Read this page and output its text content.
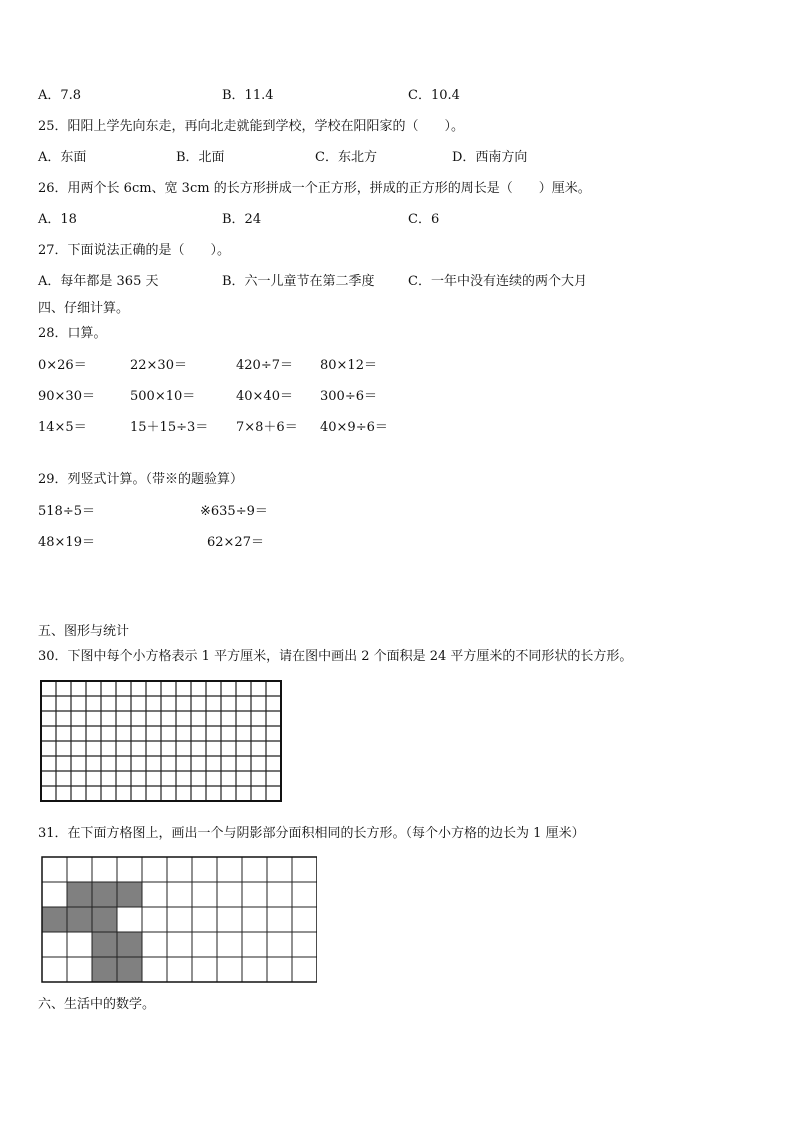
A．7.8	B．11.4	C．10.4
25．阳阳上学先向东走，再向北走就能到学校，学校在阳阳家的（　　）。
A．东面	B．北面	C．东北方	D．西南方向
26．用两个长 6cm、宽 3cm 的长方形拼成一个正方形，拼成的正方形的周长是（　　）厘米。
A．18	B．24	C．6
27．下面说法正确的是（　　）。
A．每年都是 365 天	B．六一儿童节在第二季度	C．一年中没有连续的两个大月
四、仔细计算。
28．口算。
0×26＝	22×30＝	420÷7＝ 80×12＝
90×30＝	500×10＝	40×40＝ 300÷6＝
14×5＝	15＋15÷3＝ 7×8＋6＝ 40×9÷6＝
29．列竖式计算。（带※的题验算）
518÷5＝	※635÷9＝
48×19＝	62×27＝
五、图形与统计
30．下图中每个小方格表示 1 平方厘米，请在图中画出 2 个面积是 24 平方厘米的不同形状的长方形。
31．在下面方格图上，画出一个与阴影部分面积相同的长方形。（每个小方格的边长为 1 厘米）
六、生活中的数学。
